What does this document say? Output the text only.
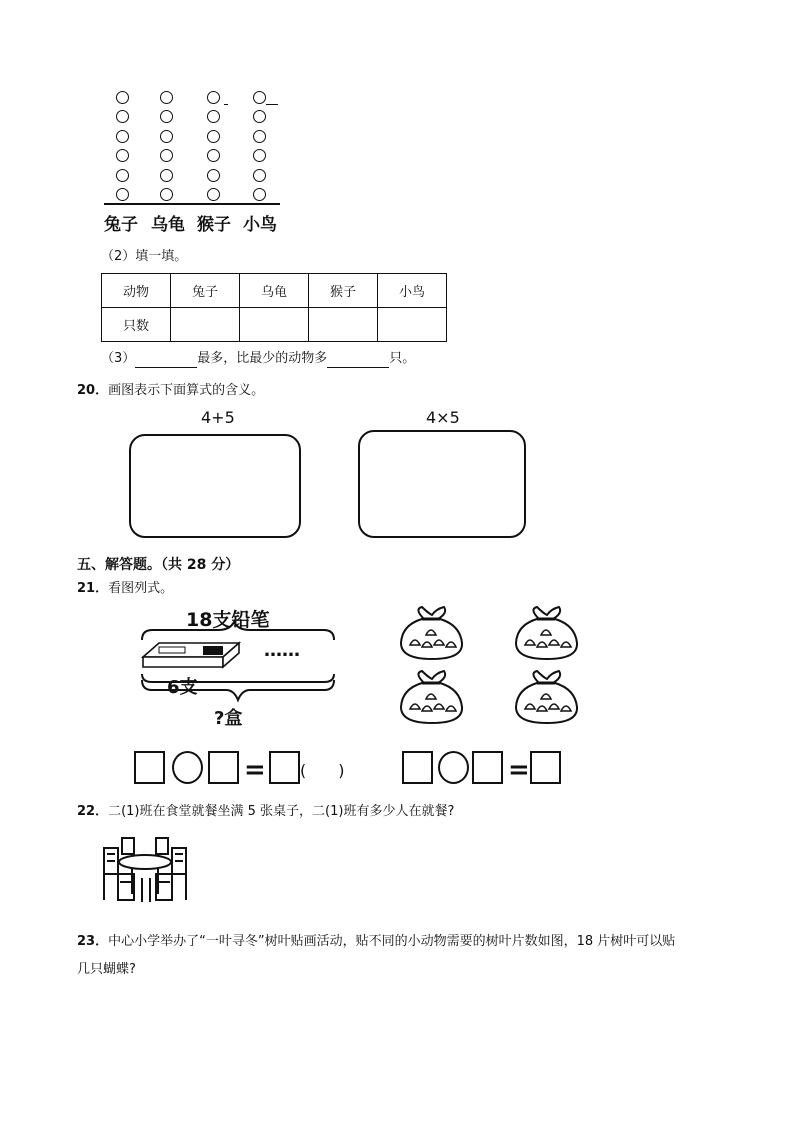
兔子 乌龟 猴子 小鸟
（2）填一填。
动物	兔子	乌龟	猴子	小鸟
只数				
（3）	最多，比最少的动物多	只。
20．画图表示下面算式的含义。
4+5	4×5
五、解答题。（共 28 分）
21．看图列式。
18支铅笔
……
6支
?盒
= (　　)	=
22．二(1)班在食堂就餐坐满 5 张桌子，二(1)班有多少人在就餐?
23．中心小学举办了“一叶寻冬”树叶贴画活动，贴不同的小动物需要的树叶片数如图，18 片树叶可以贴
几只蝴蝶?
